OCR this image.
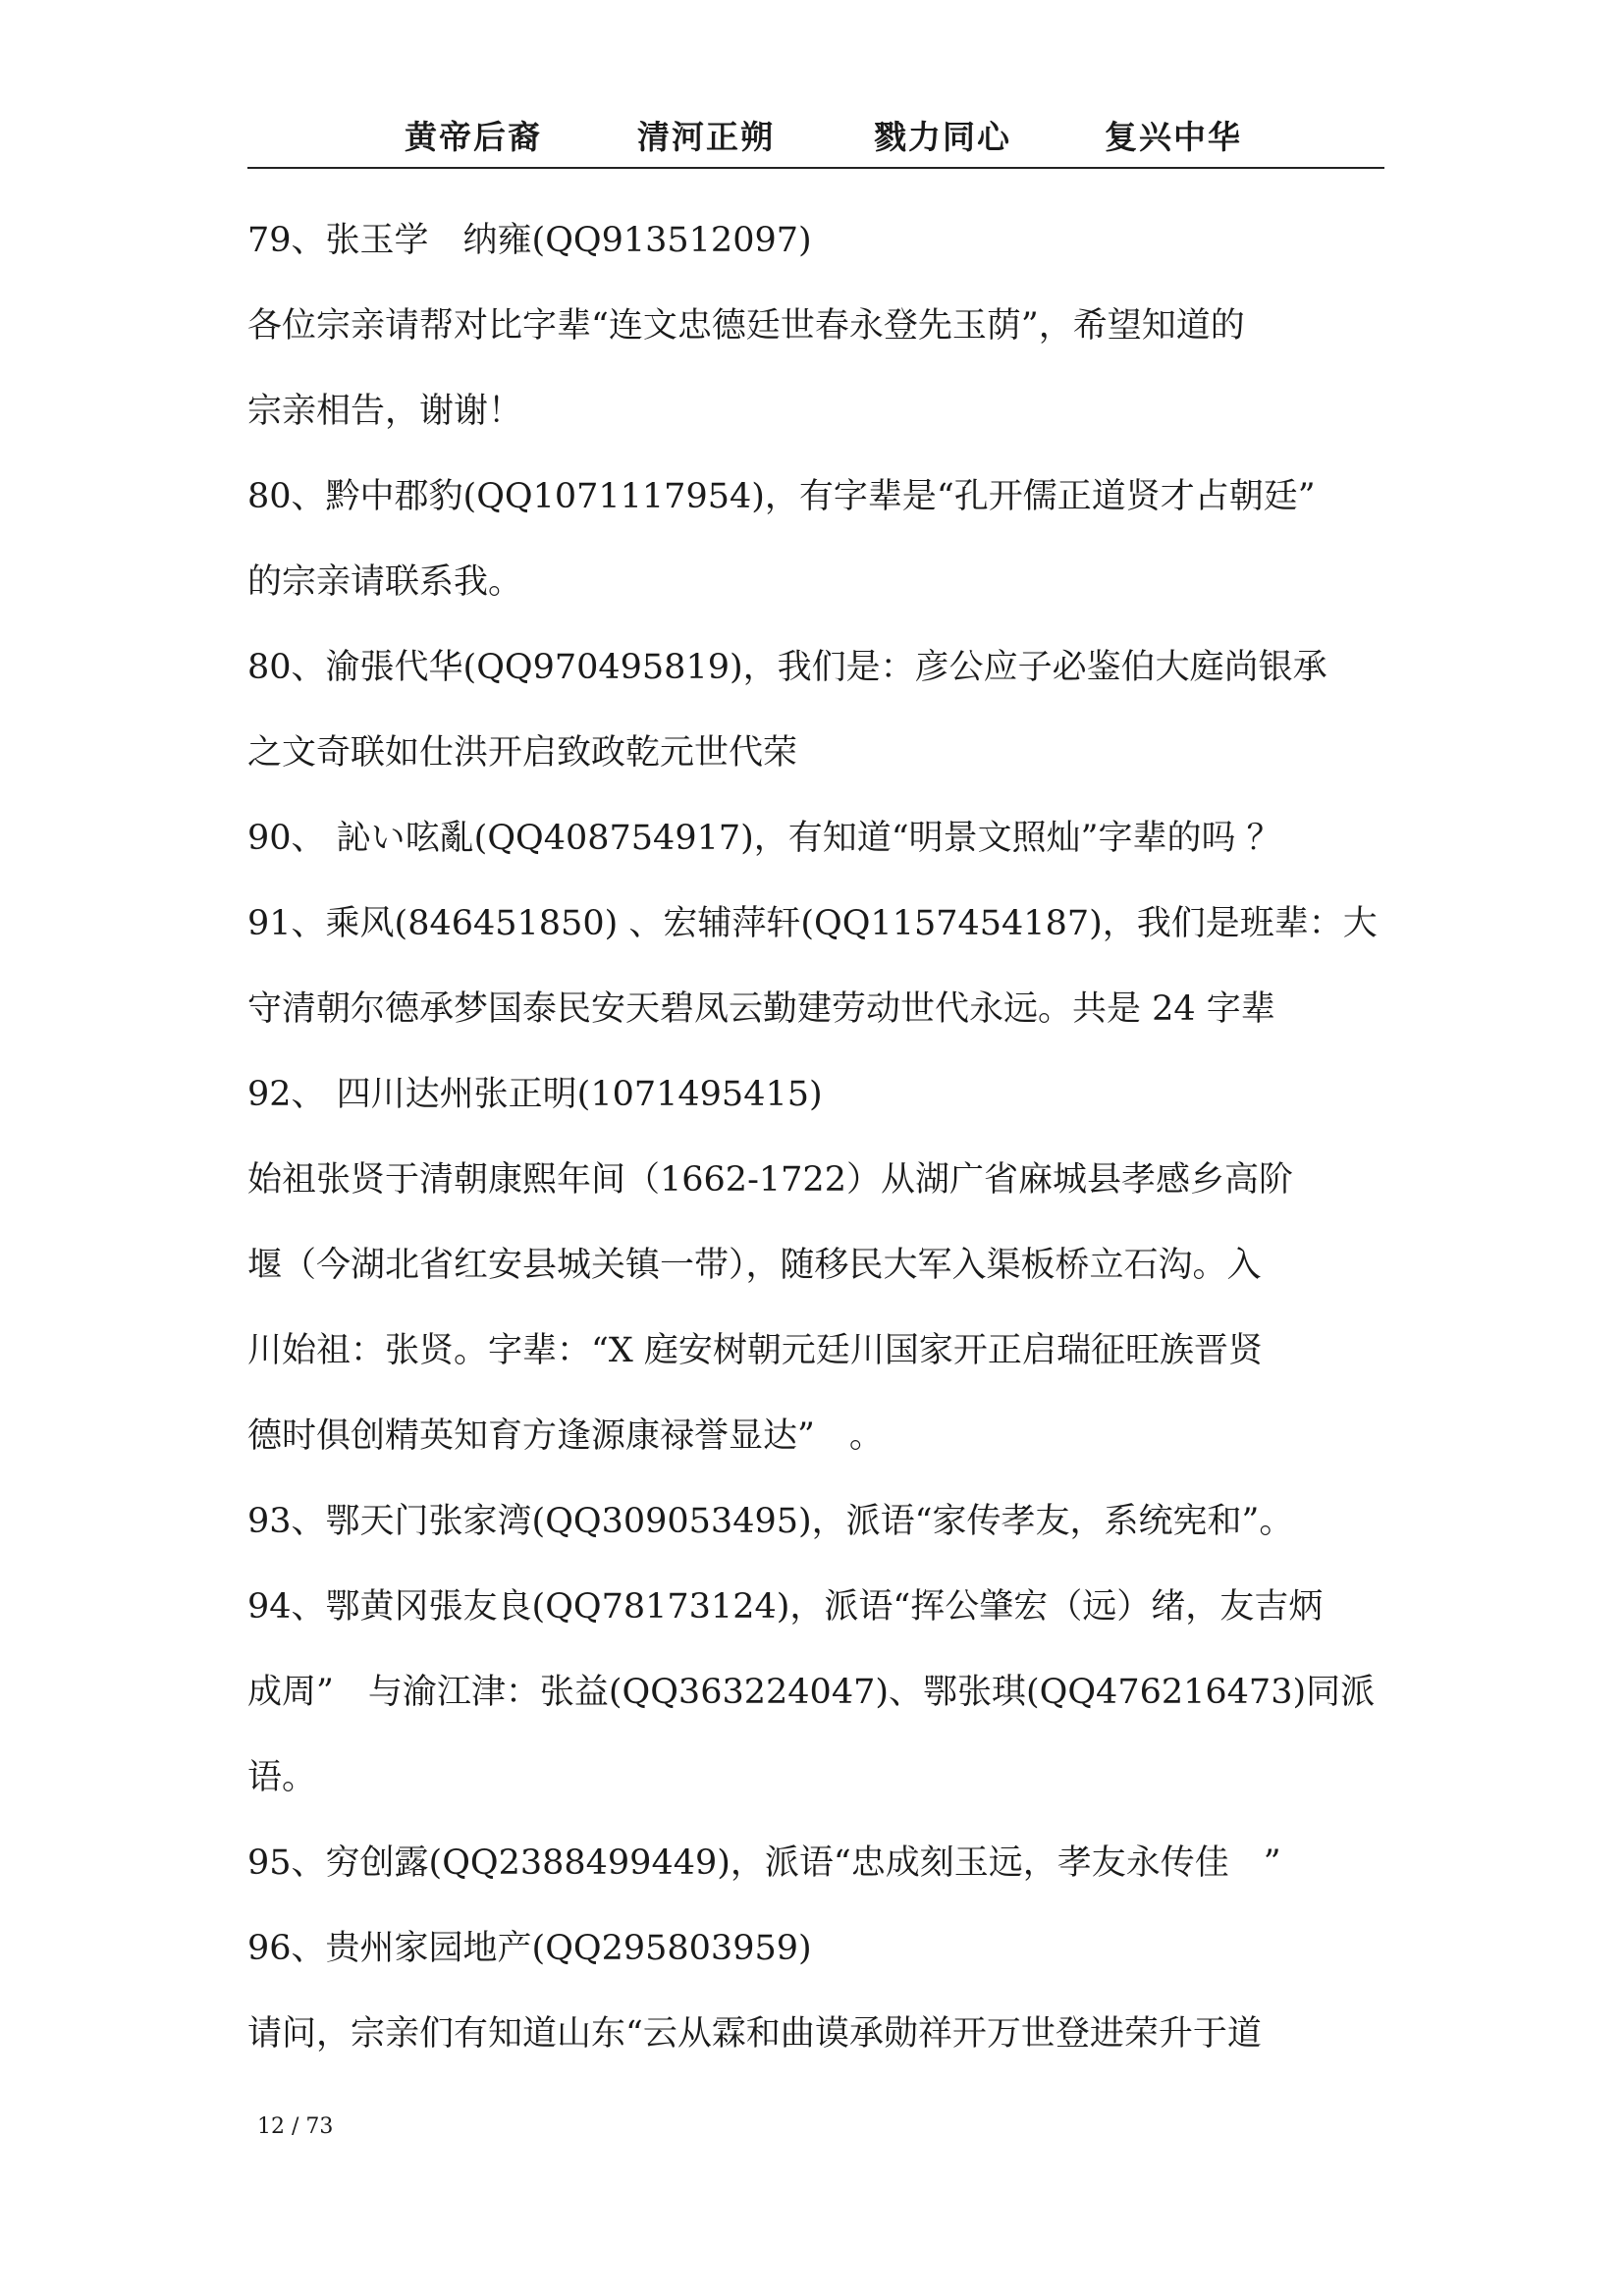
黄帝后裔	清河正朔	戮力同心	复兴中华
79、张玉学　纳雍(QQ913512097)
各位宗亲请帮对比字辈“连文忠德廷世春永登先玉荫”，希望知道的
宗亲相告，谢谢！
80、黔中郡豹(QQ1071117954)，有字辈是“孔开儒正道贤才占朝廷”
的宗亲请联系我。
80、渝張代华(QQ970495819)，我们是：彦公应子必鉴伯大庭尚银承
之文奇联如仕洪开启致政乾元世代荣
90、 訫い呟亂(QQ408754917)，有知道“明景文照灿”字辈的吗 ？
91、乘风(846451850) 、宏辅萍轩(QQ1157454187)，我们是班辈：大
守清朝尔德承梦国泰民安天碧凤云勤建劳动世代永远。共是 24 字辈
92、 四川达州张正明(1071495415)
始祖张贤于清朝康熙年间（1662-1722）从湖广省麻城县孝感乡高阶
堰（今湖北省红安县城关镇一带），随移民大军入渠板桥立石沟。入
川始祖：张贤。字辈：“X 庭安树朝元廷川国家开正启瑞征旺族晋贤
德时俱创精英知育方逢源康禄誉显达”　。
93、鄂天门张家湾(QQ309053495)，派语“家传孝友，系统宪和”。
94、鄂黄冈張友良(QQ78173124)，派语“挥公肇宏（远）绪，友吉炳
成周”　与渝江津：张益(QQ363224047)、鄂张琪(QQ476216473)同派
语。
95、穷创露(QQ2388499449)，派语“忠成刻玉远，孝友永传佳　”
96、贵州家园地产(QQ295803959)
请问，宗亲们有知道山东“云从霖和曲谟承勋祥开万世登进荣升于道
12 / 73
